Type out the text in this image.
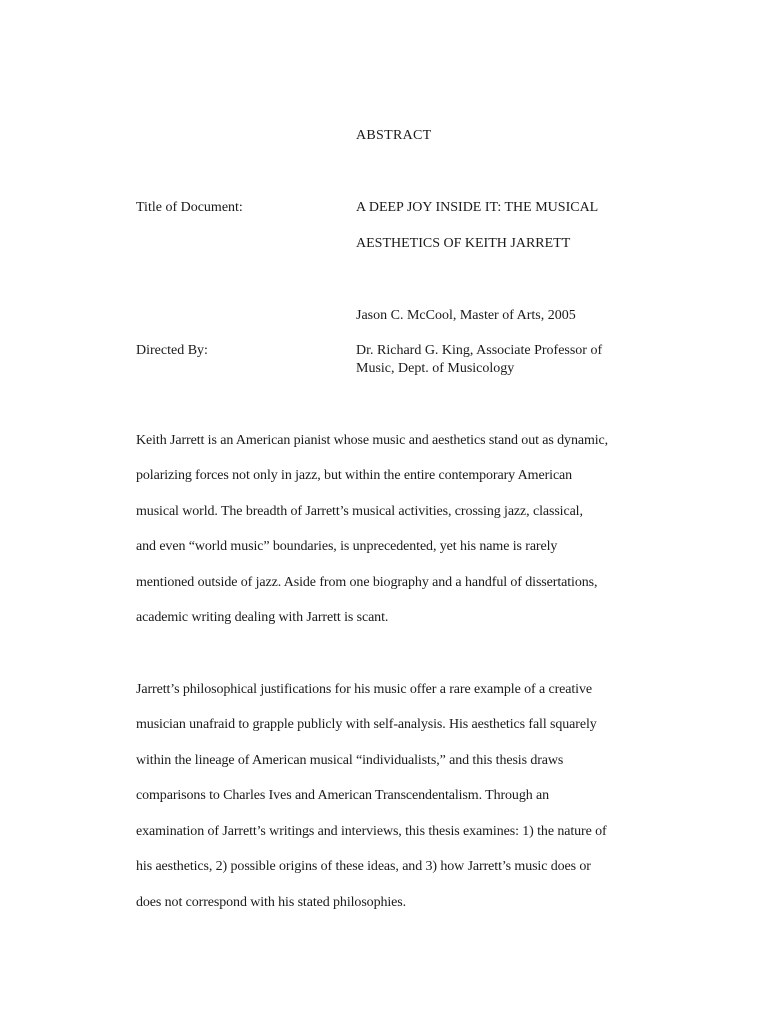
ABSTRACT
Title of Document:	A DEEP JOY INSIDE IT: THE MUSICAL
AESTHETICS OF KEITH JARRETT
Jason C. McCool, Master of Arts, 2005
Directed By:	Dr. Richard G. King, Associate Professor of
Music, Dept. of Musicology
Keith Jarrett is an American pianist whose music and aesthetics stand out as dynamic,
polarizing forces not only in jazz, but within the entire contemporary American
musical world. The breadth of Jarrett’s musical activities, crossing jazz, classical,
and even “world music” boundaries, is unprecedented, yet his name is rarely
mentioned outside of jazz. Aside from one biography and a handful of dissertations,
academic writing dealing with Jarrett is scant.
Jarrett’s philosophical justifications for his music offer a rare example of a creative
musician unafraid to grapple publicly with self-analysis. His aesthetics fall squarely
within the lineage of American musical “individualists,” and this thesis draws
comparisons to Charles Ives and American Transcendentalism. Through an
examination of Jarrett’s writings and interviews, this thesis examines: 1) the nature of
his aesthetics, 2) possible origins of these ideas, and 3) how Jarrett’s music does or
does not correspond with his stated philosophies.
